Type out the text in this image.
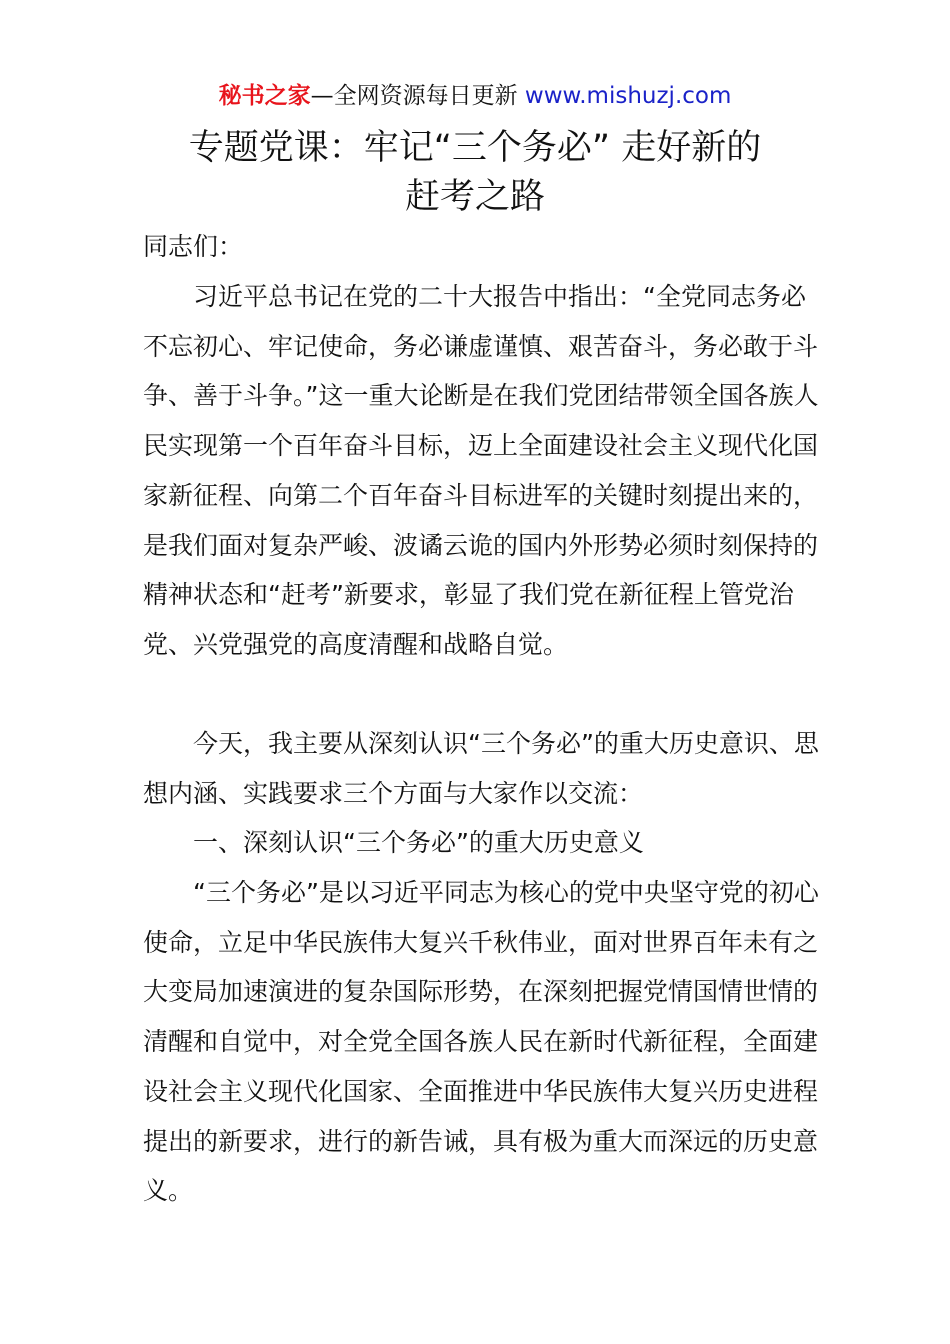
秘书之家—全网资源每日更新 www.mishuzj.com
专题党课：牢记“三个务必” 走好新的
赶考之路
同志们：

习近平总书记在党的二十大报告中指出：“全党同志务必不忘初心、牢记使命，务必谦虚谨慎、艰苦奋斗，务必敢于斗争、善于斗争。”这一重大论断是在我们党团结带领全国各族人民实现第一个百年奋斗目标，迈上全面建设社会主义现代化国家新征程、向第二个百年奋斗目标进军的关键时刻提出来的，是我们面对复杂严峻、波谲云诡的国内外形势必须时刻保持的精神状态和“赶考”新要求，彰显了我们党在新征程上管党治党、兴党强党的高度清醒和战略自觉。

今天，我主要从深刻认识“三个务必”的重大历史意识、思想内涵、实践要求三个方面与大家作以交流：

一、深刻认识“三个务必”的重大历史意义

“三个务必”是以习近平同志为核心的党中央坚守党的初心使命，立足中华民族伟大复兴千秋伟业，面对世界百年未有之大变局加速演进的复杂国际形势，在深刻把握党情国情世情的清醒和自觉中，对全党全国各族人民在新时代新征程，全面建设社会主义现代化国家、全面推进中华民族伟大复兴历史进程提出的新要求，进行的新告诫，具有极为重大而深远的历史意义。
